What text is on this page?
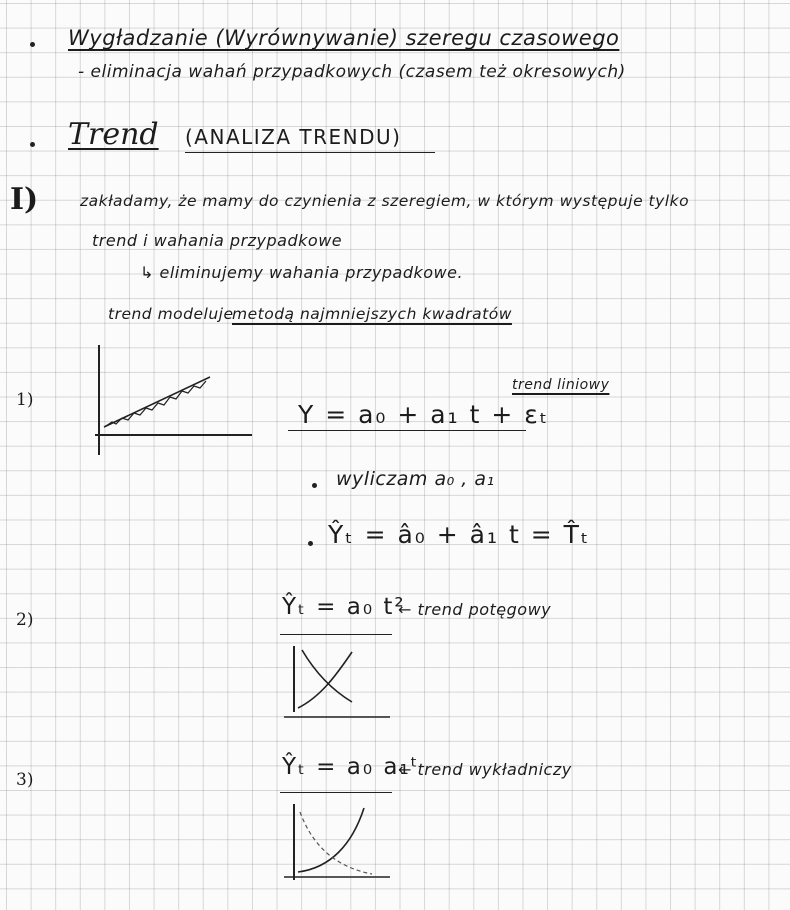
Wygładzanie (Wyrównywanie) szeregu czasowego
- eliminacja wahań przypadkowych (czasem też okresowych)
Trend (ANALIZA TRENDU)
I)	zakładamy, że mamy do czynienia z szeregiem, w którym występuje tylko
trend i wahania przypadkowe
↳ eliminujemy wahania przypadkowe.
trend modeluje
metodą najmniejszych kwadratów
1)
trend liniowy
Y = a₀ + a₁ t + εₜ
wyliczam a₀ , a₁
Ŷₜ = â₀ + â₁ t = T̂ₜ
2)	Ŷₜ = a₀ t²
← trend potęgowy
3)	Ŷₜ = a₀ a₁ᵗ
← trend wykładniczy
